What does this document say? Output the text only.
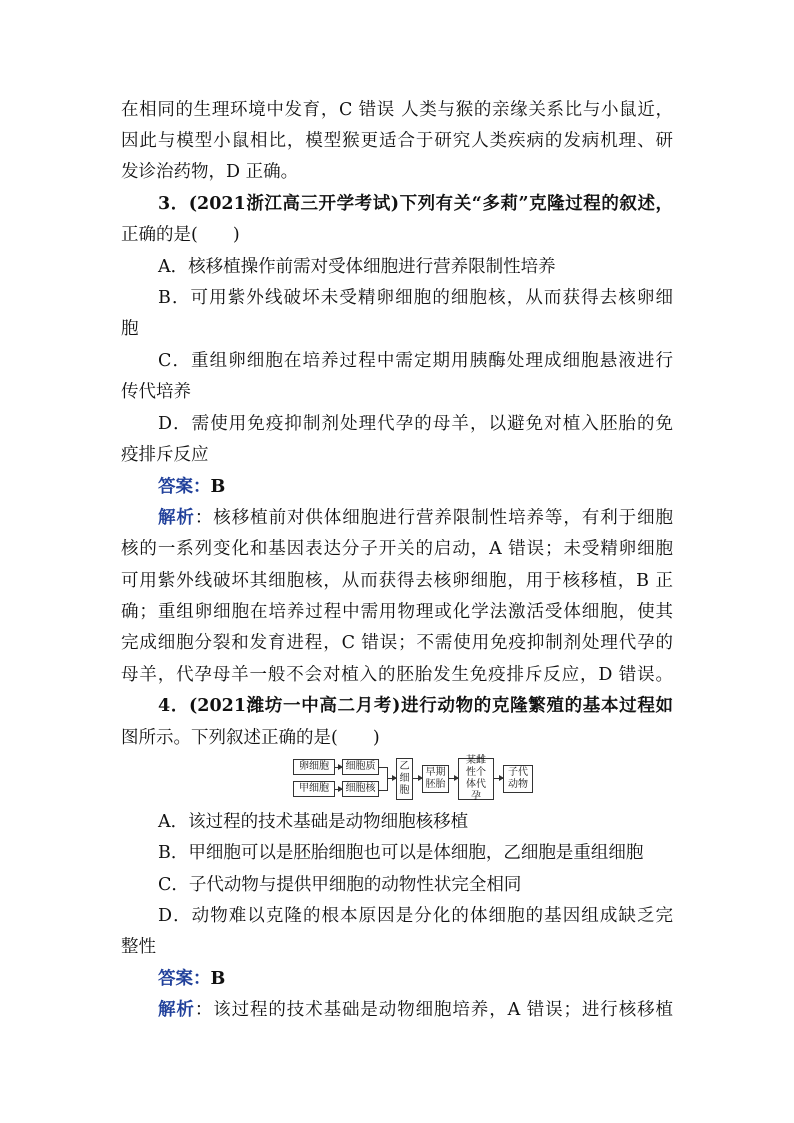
在相同的生理环境中发育，C 错误 人类与猴的亲缘关系比与小鼠近，
因此与模型小鼠相比，模型猴更适合于研究人类疾病的发病机理、研
发诊治药物，D 正确。
3．(2021浙江高三开学考试)下列有关“多莉”克隆过程的叙述，
正确的是(　　)
A．核移植操作前需对受体细胞进行营养限制性培养
B．可用紫外线破坏未受精卵细胞的细胞核，从而获得去核卵细
胞
C．重组卵细胞在培养过程中需定期用胰酶处理成细胞悬液进行
传代培养
D．需使用免疫抑制剂处理代孕的母羊，以避免对植入胚胎的免
疫排斥反应
答案：B
解析：核移植前对供体细胞进行营养限制性培养等，有利于细胞
核的一系列变化和基因表达分子开关的启动，A 错误；未受精卵细胞
可用紫外线破坏其细胞核，从而获得去核卵细胞，用于核移植，B 正
确；重组卵细胞在培养过程中需用物理或化学法激活受体细胞，使其
完成细胞分裂和发育进程，C 错误；不需使用免疫抑制剂处理代孕的
母羊，代孕母羊一般不会对植入的胚胎发生免疫排斥反应，D 错误。
4．(2021潍坊一中高二月考)进行动物的克隆繁殖的基本过程如
图所示。下列叙述正确的是(　　)
卵细胞	细胞质
甲细胞	细胞核
乙细胞
早期胚胎
某雌性个体代孕
子代动物
A．该过程的技术基础是动物细胞核移植
B．甲细胞可以是胚胎细胞也可以是体细胞，乙细胞是重组细胞
C．子代动物与提供甲细胞的动物性状完全相同
D．动物难以克隆的根本原因是分化的体细胞的基因组成缺乏完
整性
答案：B
解析：该过程的技术基础是动物细胞培养，A 错误；进行核移植
